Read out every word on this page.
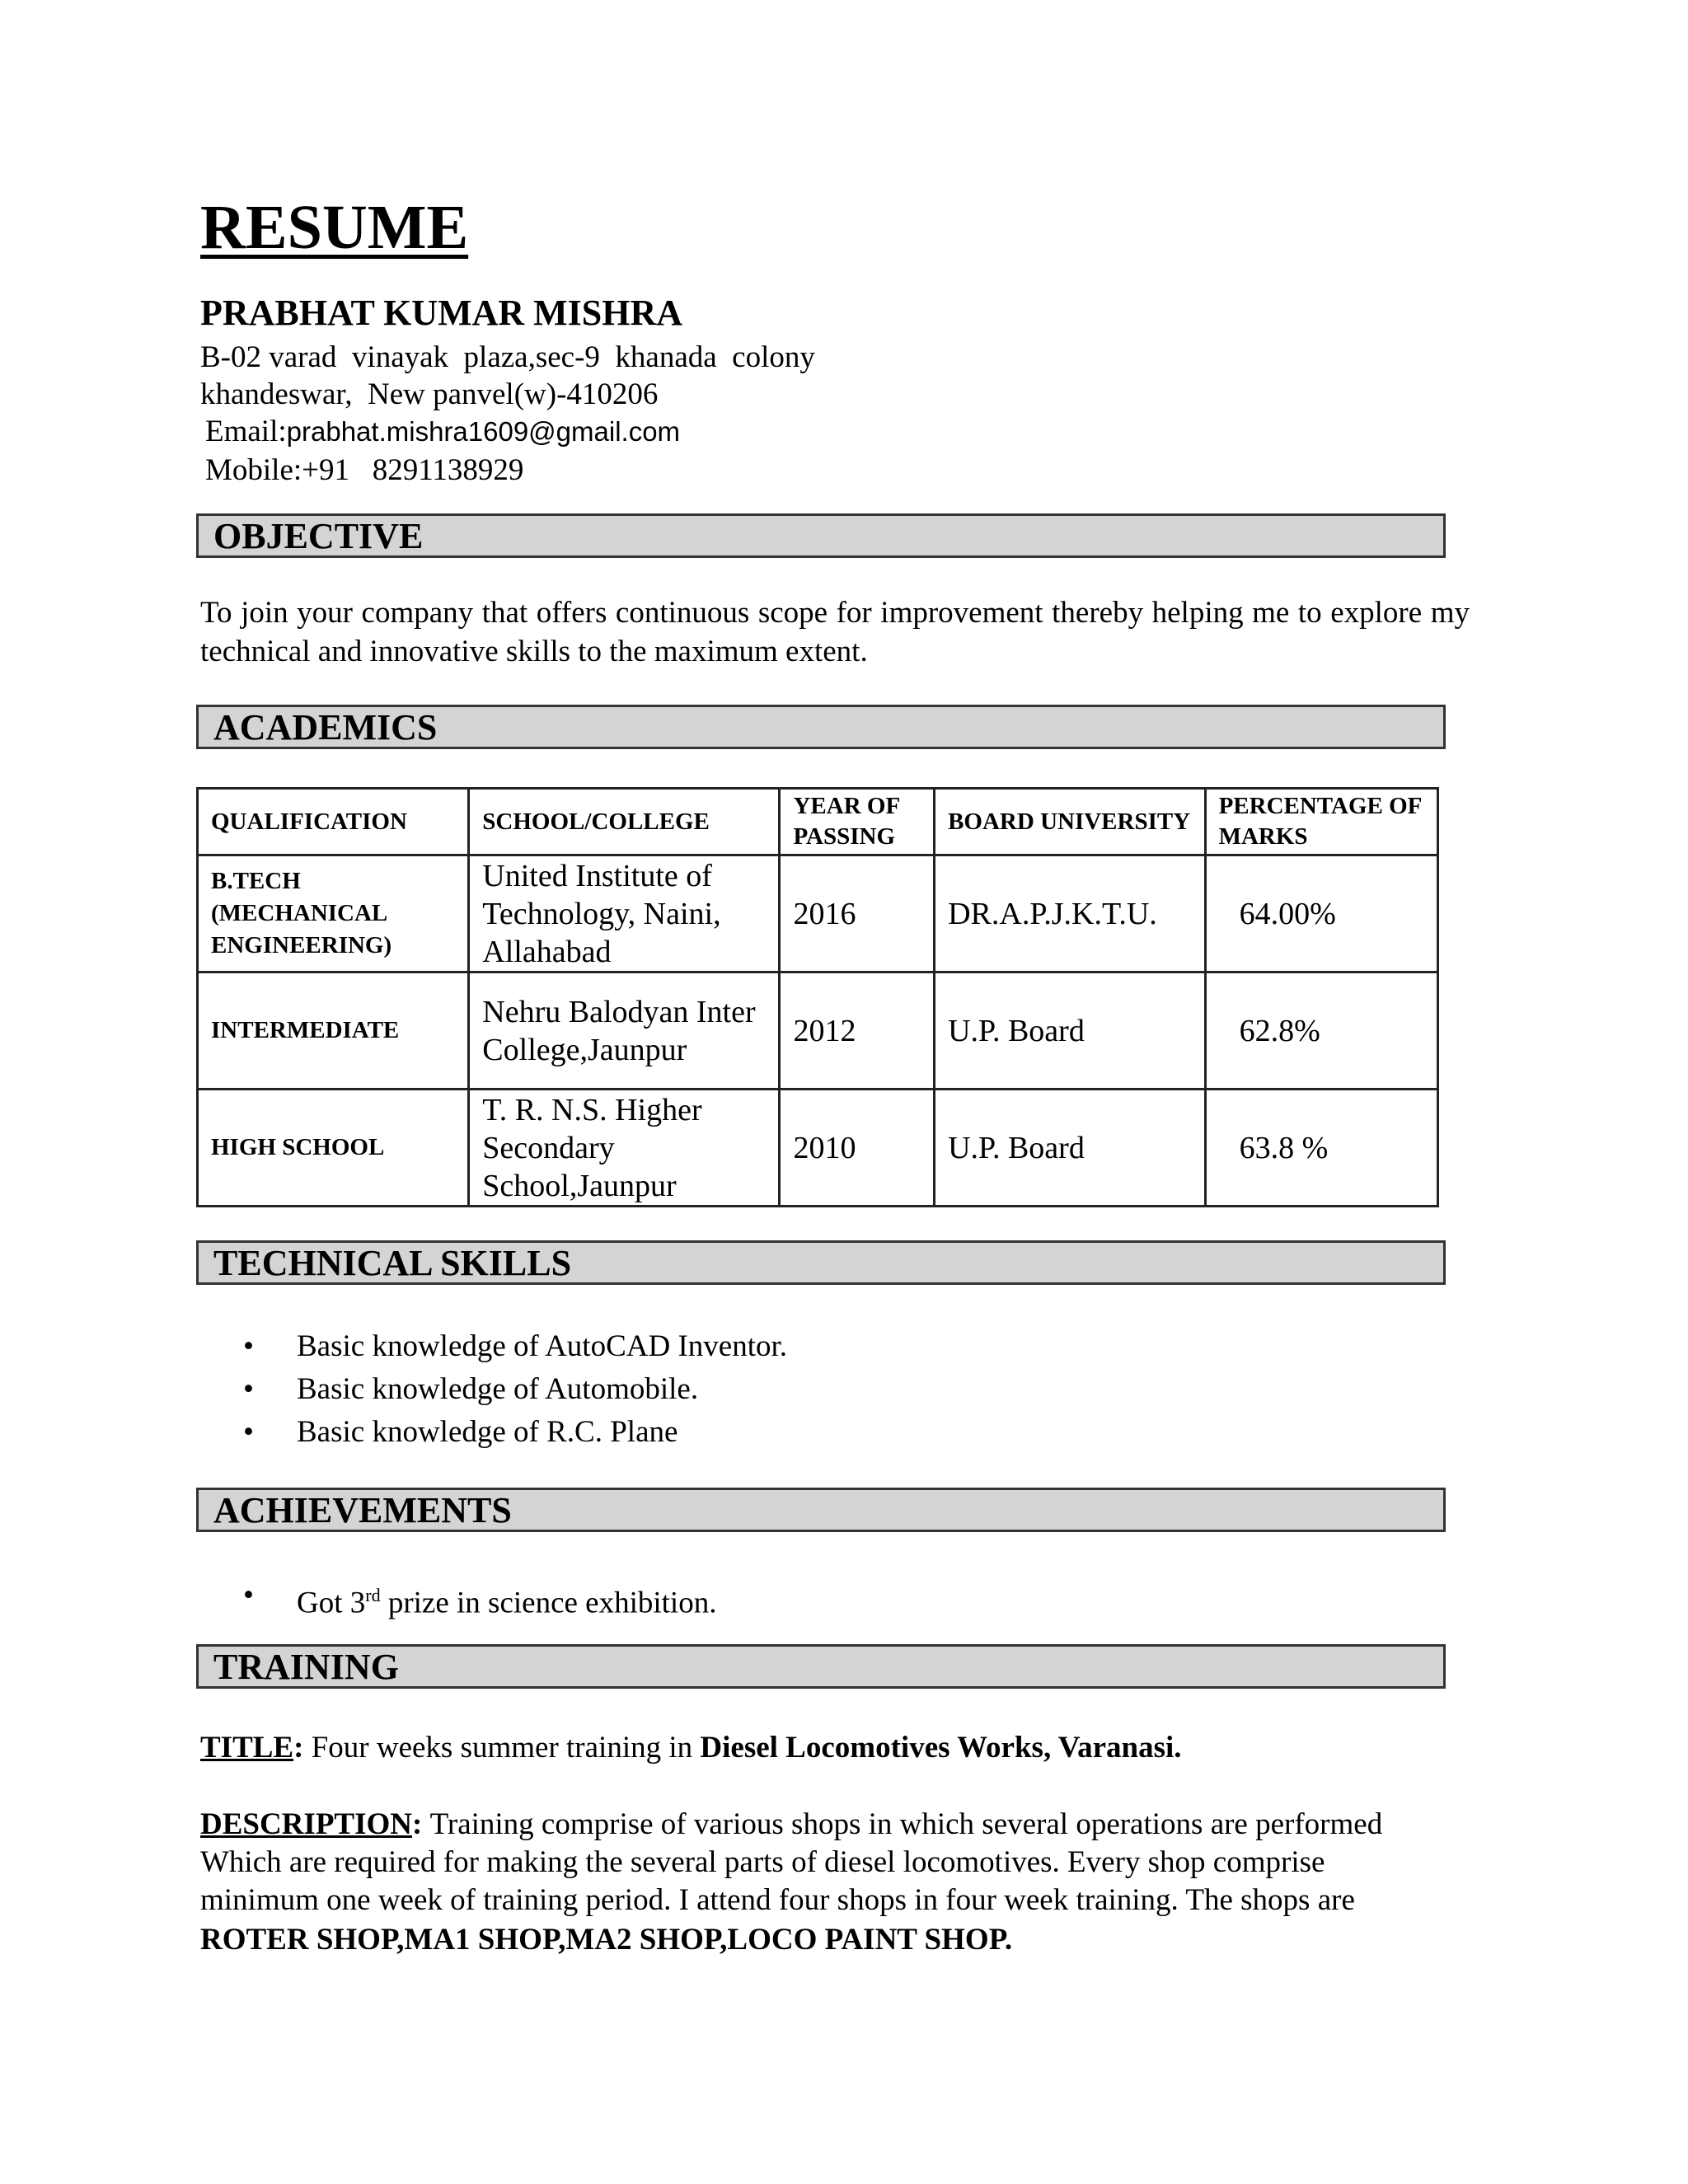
RESUME
PRABHAT KUMAR MISHRA
B-02 varad  vinayak  plaza,sec-9  khanada  colony
khandeswar,  New panvel(w)-410206
Email:prabhat.mishra1609@gmail.com
Mobile:+91   8291138929
OBJECTIVE
To join your company that offers continuous scope for improvement thereby helping me to explore my technical and innovative skills to the maximum extent.
ACADEMICS
QUALIFICATION	SCHOOL/COLLEGE	YEAR OF PASSING	BOARD UNIVERSITY	PERCENTAGE OF MARKS
B.TECH (MECHANICAL ENGINEERING)	United Institute of Technology, Naini, Allahabad	2016	DR.A.P.J.K.T.U.	64.00%
INTERMEDIATE	Nehru Balodyan Inter College,Jaunpur	2012	U.P. Board	62.8%
HIGH SCHOOL	T. R. N.S. Higher Secondary School,Jaunpur	2010	U.P. Board	63.8 %
TECHNICAL SKILLS
• Basic knowledge of AutoCAD Inventor.
• Basic knowledge of Automobile.
• Basic knowledge of R.C. Plane
ACHIEVEMENTS
• Got 3rd prize in science exhibition.
TRAINING
TITLE: Four weeks summer training in Diesel Locomotives Works, Varanasi.
DESCRIPTION: Training comprise of various shops in which several operations are performed
Which are required for making the several parts of diesel locomotives. Every shop comprise
minimum one week of training period. I attend four shops in four week training. The shops are
ROTER SHOP,MA1 SHOP,MA2 SHOP,LOCO PAINT SHOP.
